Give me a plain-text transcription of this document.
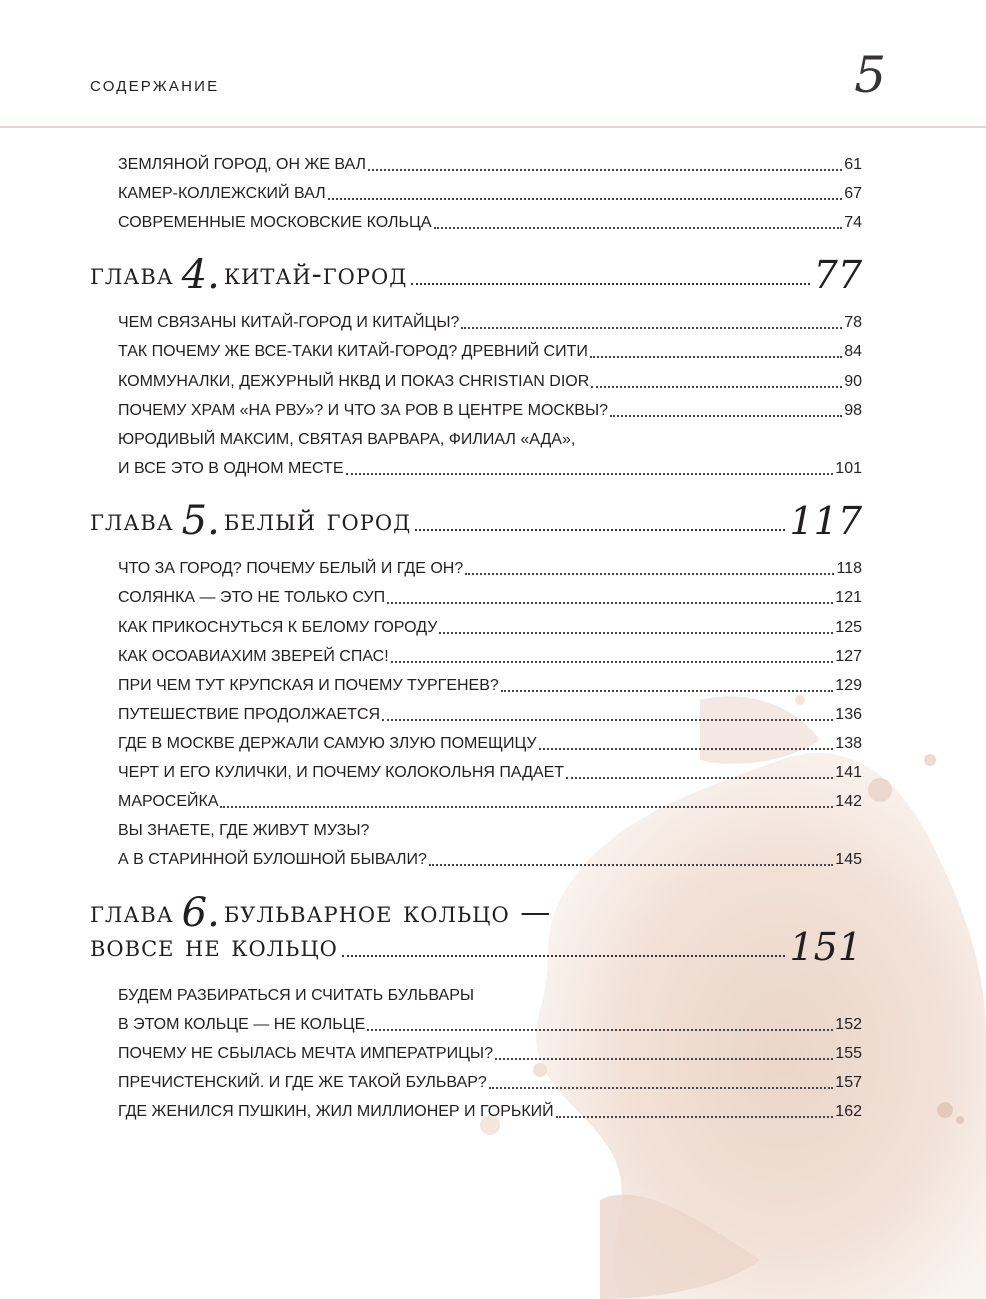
СОДЕРЖАНИЕ	5
ЗЕМЛЯНОЙ ГОРОД, ОН ЖЕ ВАЛ	61
КАМЕР-КОЛЛЕЖСКИЙ ВАЛ	67
СОВРЕМЕННЫЕ МОСКОВСКИЕ КОЛЬЦА	74
глава 4. китай-город	77
ЧЕМ СВЯЗАНЫ КИТАЙ-ГОРОД И КИТАЙЦЫ?	78
ТАК ПОЧЕМУ ЖЕ ВСЕ-ТАКИ КИТАЙ-ГОРОД? ДРЕВНИЙ СИТИ	84
КОММУНАЛКИ, ДЕЖУРНЫЙ НКВД И ПОКАЗ CHRISTIAN DIOR	90
ПОЧЕМУ ХРАМ «НА РВУ»? И ЧТО ЗА РОВ В ЦЕНТРЕ МОСКВЫ?	98
ЮРОДИВЫЙ МАКСИМ, СВЯТАЯ ВАРВАРА, ФИЛИАЛ «АДА»,
И ВСЕ ЭТО В ОДНОМ МЕСТЕ	101
глава 5. белый город	117
ЧТО ЗА ГОРОД? ПОЧЕМУ БЕЛЫЙ И ГДЕ ОН?	118
СОЛЯНКА — ЭТО НЕ ТОЛЬКО СУП	121
КАК ПРИКОСНУТЬСЯ К БЕЛОМУ ГОРОДУ	125
КАК ОСОАВИАХИМ ЗВЕРЕЙ СПАС!	127
ПРИ ЧЕМ ТУТ КРУПСКАЯ И ПОЧЕМУ ТУРГЕНЕВ?	129
ПУТЕШЕСТВИЕ ПРОДОЛЖАЕТСЯ	136
ГДЕ В МОСКВЕ ДЕРЖАЛИ САМУЮ ЗЛУЮ ПОМЕЩИЦУ	138
ЧЕРТ И ЕГО КУЛИЧКИ, И ПОЧЕМУ КОЛОКОЛЬНЯ ПАДАЕТ	141
МАРОСЕЙКА	142
ВЫ ЗНАЕТЕ, ГДЕ ЖИВУТ МУЗЫ?
А В СТАРИННОЙ БУЛОШНОЙ БЫВАЛИ?	145
глава 6. бульварное кольцо —
вовсе не кольцо	151
БУДЕМ РАЗБИРАТЬСЯ И СЧИТАТЬ БУЛЬВАРЫ
В ЭТОМ КОЛЬЦЕ — НЕ КОЛЬЦЕ	152
ПОЧЕМУ НЕ СБЫЛАСЬ МЕЧТА ИМПЕРАТРИЦЫ?	155
ПРЕЧИСТЕНСКИЙ. И ГДЕ ЖЕ ТАКОЙ БУЛЬВАР?	157
ГДЕ ЖЕНИЛСЯ ПУШКИН, ЖИЛ МИЛЛИОНЕР И ГОРЬКИЙ	162
